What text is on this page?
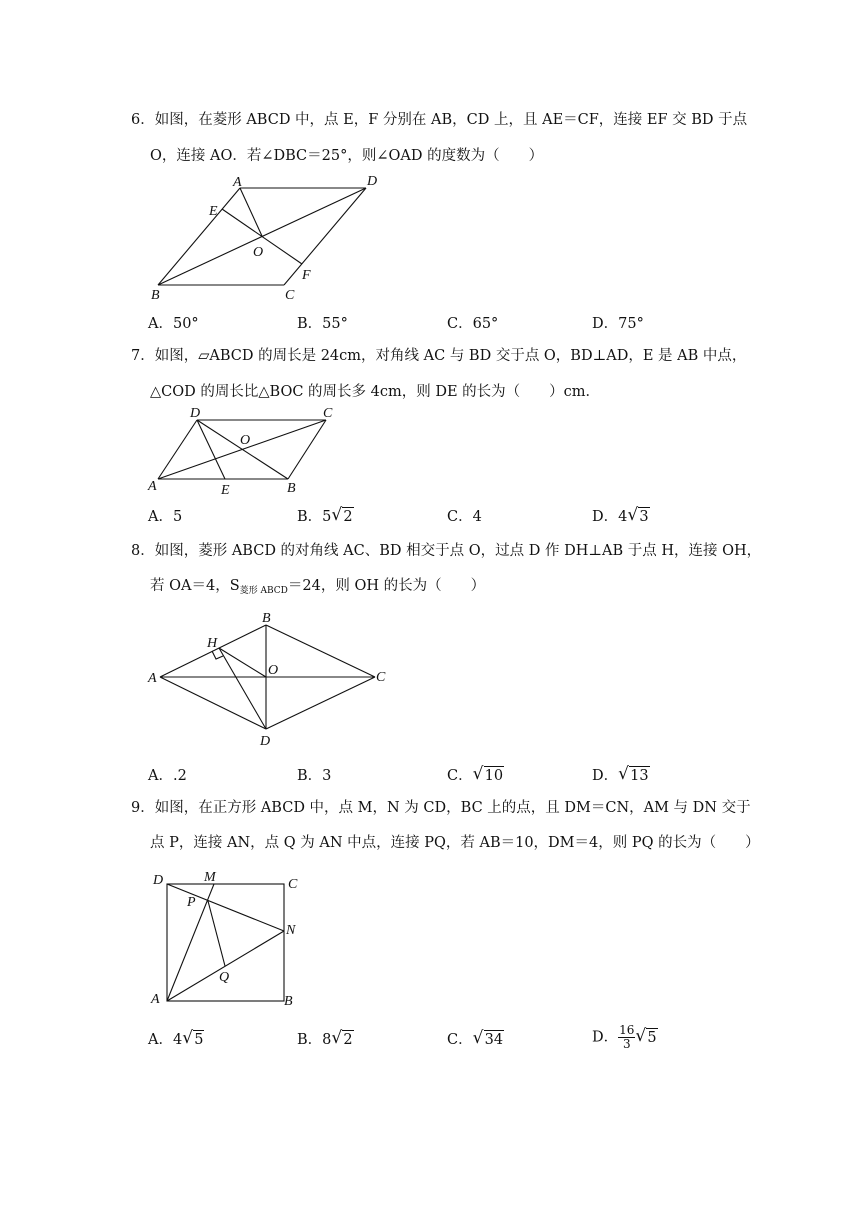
6．如图，在菱形 ABCD 中，点 E，F 分别在 AB，CD 上，且 AE＝CF，连接 EF 交 BD 于点
O，连接 AO．若∠DBC＝25°，则∠OAD 的度数为（　　）
A	D
E
O
F
B	C
A．50°	B．55°	C．65°	D．75°
7．如图，▱ABCD 的周长是 24cm，对角线 AC 与 BD 交于点 O，BD⊥AD，E 是 AB 中点，
△COD 的周长比△BOC 的周长多 4cm，则 DE 的长为（　　）cm．
D	C
O
A	E	B
A．5	B．5 √ 2	C．4	D．4 √ 3
8．如图，菱形 ABCD 的对角线 AC、BD 相交于点 O，过点 D 作 DH⊥AB 于点 H，连接 OH，
若 OA＝4，$S_{菱形 ABCD}=24$，则 OH 的长为（　　）
B
H
A
O	C
D
A．.2	B．3	C． √ 10	D． √ 13
9．如图，在正方形 ABCD 中，点 M，N 为 CD，BC 上的点，且 DM＝CN，AM 与 DN 交于
点 P，连接 AN，点 Q 为 AN 中点，连接 PQ，若 AB＝10，DM＝4，则 PQ 的长为（　　）
D	M	C
P
N
Q
A	B
A．4 √ 5	B．8 √ 2	C． √ 34	D． $\frac{16}{3}$ √ 5
